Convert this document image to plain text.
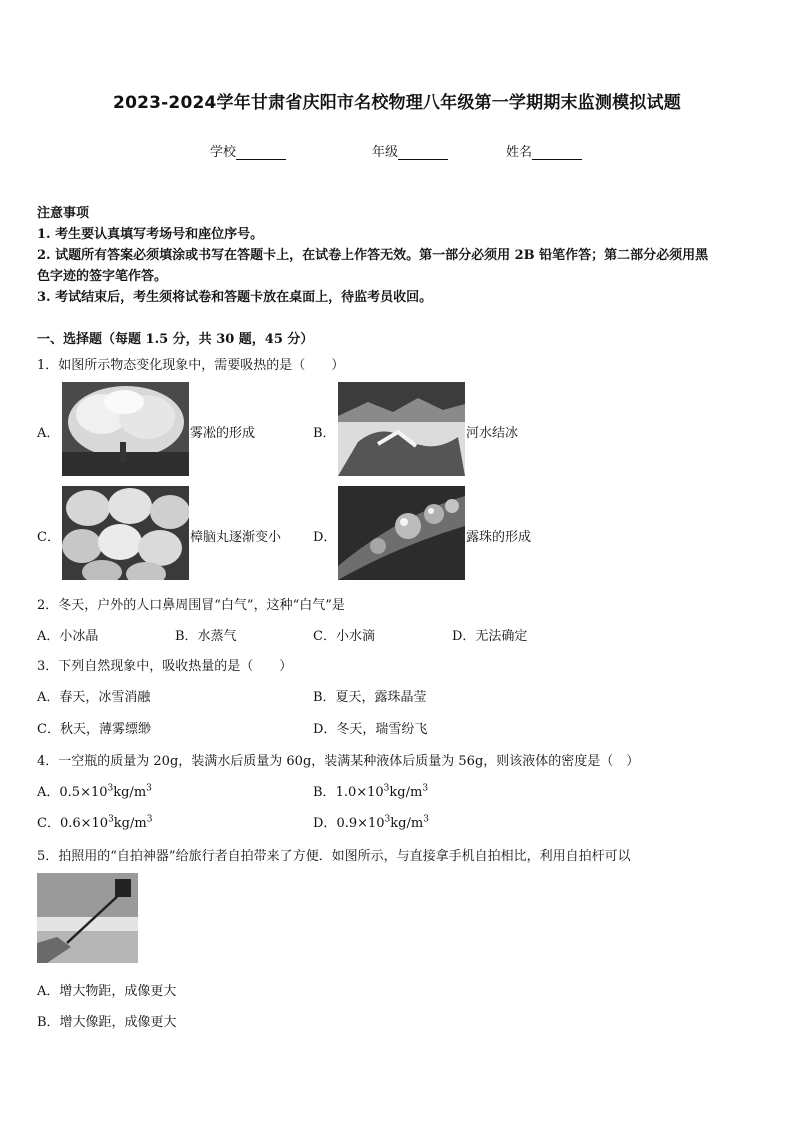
2023-2024学年甘肃省庆阳市名校物理八年级第一学期期末监测模拟试题
学校	年级	姓名
注意事项
1. 考生要认真填写考场号和座位序号。
2. 试题所有答案必须填涂或书写在答题卡上，在试卷上作答无效。第一部分必须用 2B 铅笔作答；第二部分必须用黑
色字迹的签字笔作答。
3. 考试结束后，考生须将试卷和答题卡放在桌面上，待监考员收回。
一、选择题（每题 1.5 分，共 30 题，45 分）
1．如图所示物态变化现象中，需要吸热的是（　　）
A．	雾凇的形成	B．	河水结冰
C．	樟脑丸逐渐变小 D．	露珠的形成
2．冬天，户外的人口鼻周围冒“白气”，这种“白气”是
A．小冰晶	B．水蒸气	C．小水滴	D．无法确定
3．下列自然现象中，吸收热量的是（　　）
A．春天，冰雪消融	B．夏天，露珠晶莹
C．秋天，薄雾缥缈	D．冬天，瑞雪纷飞
4．一空瓶的质量为 20g，装满水后质量为 60g，装满某种液体后质量为 56g，则该液体的密度是（　）
A．$0.5\times 10^3kg/m^3$	B．$1.0\times 10^3kg/m^3$
C．$0.6\times 10^3kg/m^3$	D．$0.9\times 10^3kg/m^3$
5．拍照用的“自拍神器”给旅行者自拍带来了方便．如图所示，与直接拿手机自拍相比，利用自拍杆可以
A．增大物距，成像更大
B．增大像距，成像更大
